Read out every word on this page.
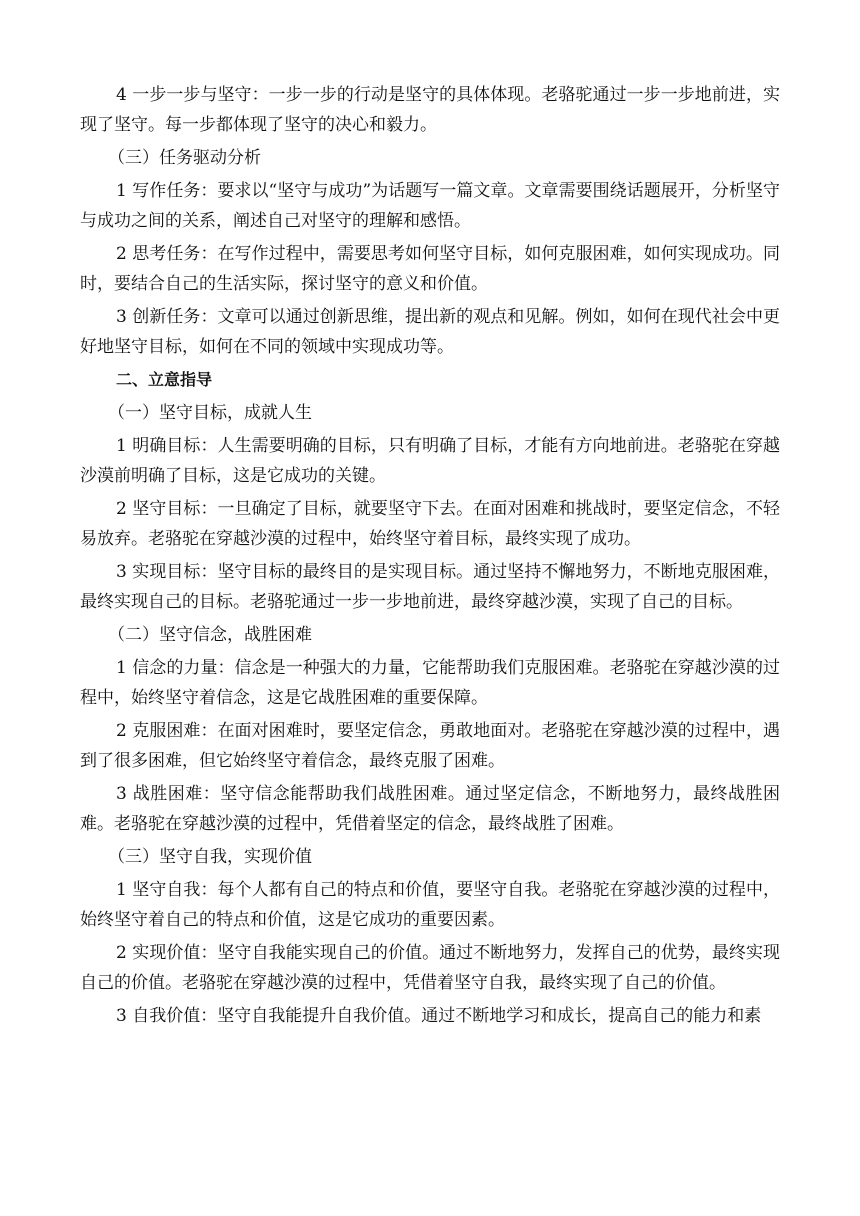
4 一步一步与坚守：一步一步的行动是坚守的具体体现。老骆驼通过一步一步地前进，实现了坚守。每一步都体现了坚守的决心和毅力。

（三）任务驱动分析

1 写作任务：要求以“坚守与成功”为话题写一篇文章。文章需要围绕话题展开，分析坚守与成功之间的关系，阐述自己对坚守的理解和感悟。

2 思考任务：在写作过程中，需要思考如何坚守目标，如何克服困难，如何实现成功。同时，要结合自己的生活实际，探讨坚守的意义和价值。

3 创新任务：文章可以通过创新思维，提出新的观点和见解。例如，如何在现代社会中更好地坚守目标，如何在不同的领域中实现成功等。

二、立意指导

（一）坚守目标，成就人生

1 明确目标：人生需要明确的目标，只有明确了目标，才能有方向地前进。老骆驼在穿越沙漠前明确了目标，这是它成功的关键。

2 坚守目标：一旦确定了目标，就要坚守下去。在面对困难和挑战时，要坚定信念，不轻易放弃。老骆驼在穿越沙漠的过程中，始终坚守着目标，最终实现了成功。

3 实现目标：坚守目标的最终目的是实现目标。通过坚持不懈地努力，不断地克服困难，最终实现自己的目标。老骆驼通过一步一步地前进，最终穿越沙漠，实现了自己的目标。

（二）坚守信念，战胜困难

1 信念的力量：信念是一种强大的力量，它能帮助我们克服困难。老骆驼在穿越沙漠的过程中，始终坚守着信念，这是它战胜困难的重要保障。

2 克服困难：在面对困难时，要坚定信念，勇敢地面对。老骆驼在穿越沙漠的过程中，遇到了很多困难，但它始终坚守着信念，最终克服了困难。

3 战胜困难：坚守信念能帮助我们战胜困难。通过坚定信念，不断地努力，最终战胜困难。老骆驼在穿越沙漠的过程中，凭借着坚定的信念，最终战胜了困难。

（三）坚守自我，实现价值

1 坚守自我：每个人都有自己的特点和价值，要坚守自我。老骆驼在穿越沙漠的过程中，始终坚守着自己的特点和价值，这是它成功的重要因素。

2 实现价值：坚守自我能实现自己的价值。通过不断地努力，发挥自己的优势，最终实现自己的价值。老骆驼在穿越沙漠的过程中，凭借着坚守自我，最终实现了自己的价值。

3 自我价值：坚守自我能提升自我价值。通过不断地学习和成长，提高自己的能力和素
